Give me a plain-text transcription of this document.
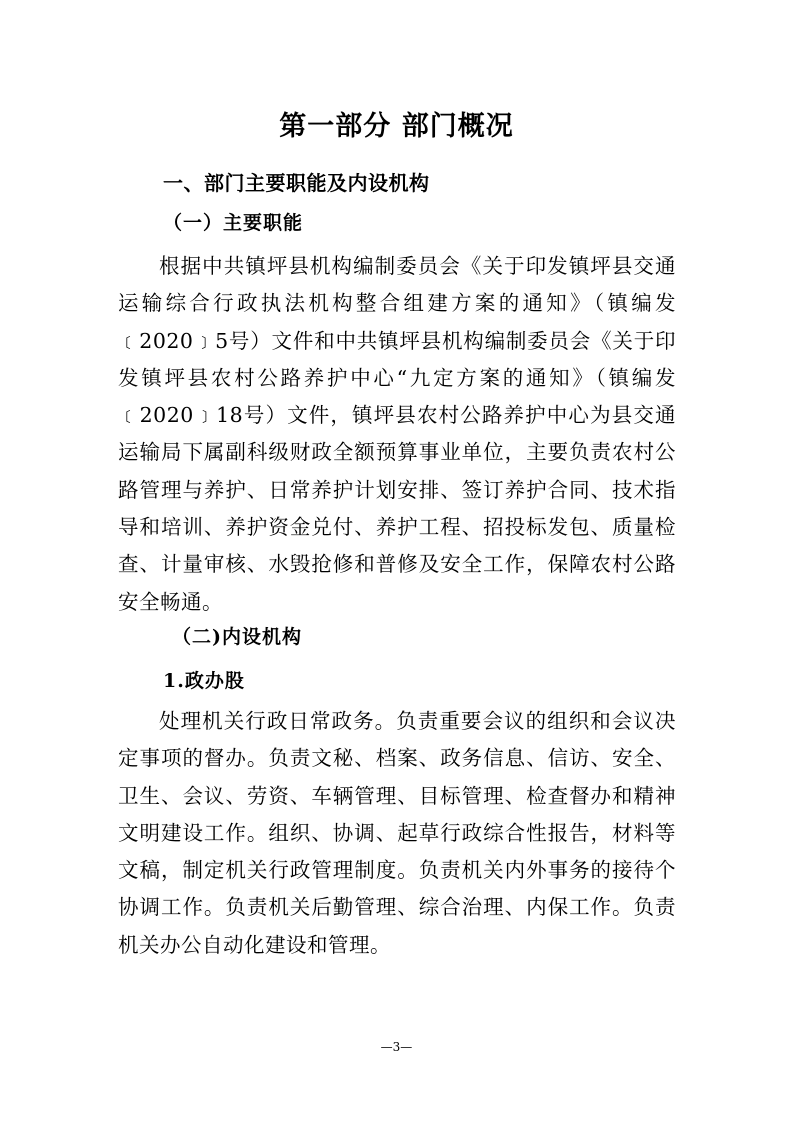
第一部分 部门概况
一、部门主要职能及内设机构
（一）主要职能

根据中共镇坪县机构编制委员会《关于印发镇坪县交通运输综合行政执法机构整合组建方案的通知》（镇编发﹝2020﹞5号）文件和中共镇坪县机构编制委员会《关于印发镇坪县农村公路养护中心“九定方案的通知》（镇编发﹝2020﹞18号）文件，镇坪县农村公路养护中心为县交通运输局下属副科级财政全额预算事业单位，主要负责农村公路管理与养护、日常养护计划安排、签订养护合同、技术指导和培训、养护资金兑付、养护工程、招投标发包、质量检查、计量审核、水毁抢修和普修及安全工作，保障农村公路安全畅通。

（二)内设机构
1.政办股

处理机关行政日常政务。负责重要会议的组织和会议决定事项的督办。负责文秘、档案、政务信息、信访、安全、卫生、会议、劳资、车辆管理、目标管理、检查督办和精神文明建设工作。组织、协调、起草行政综合性报告，材料等文稿，制定机关行政管理制度。负责机关内外事务的接待个协调工作。负责机关后勤管理、综合治理、内保工作。负责机关办公自动化建设和管理。

—3—
